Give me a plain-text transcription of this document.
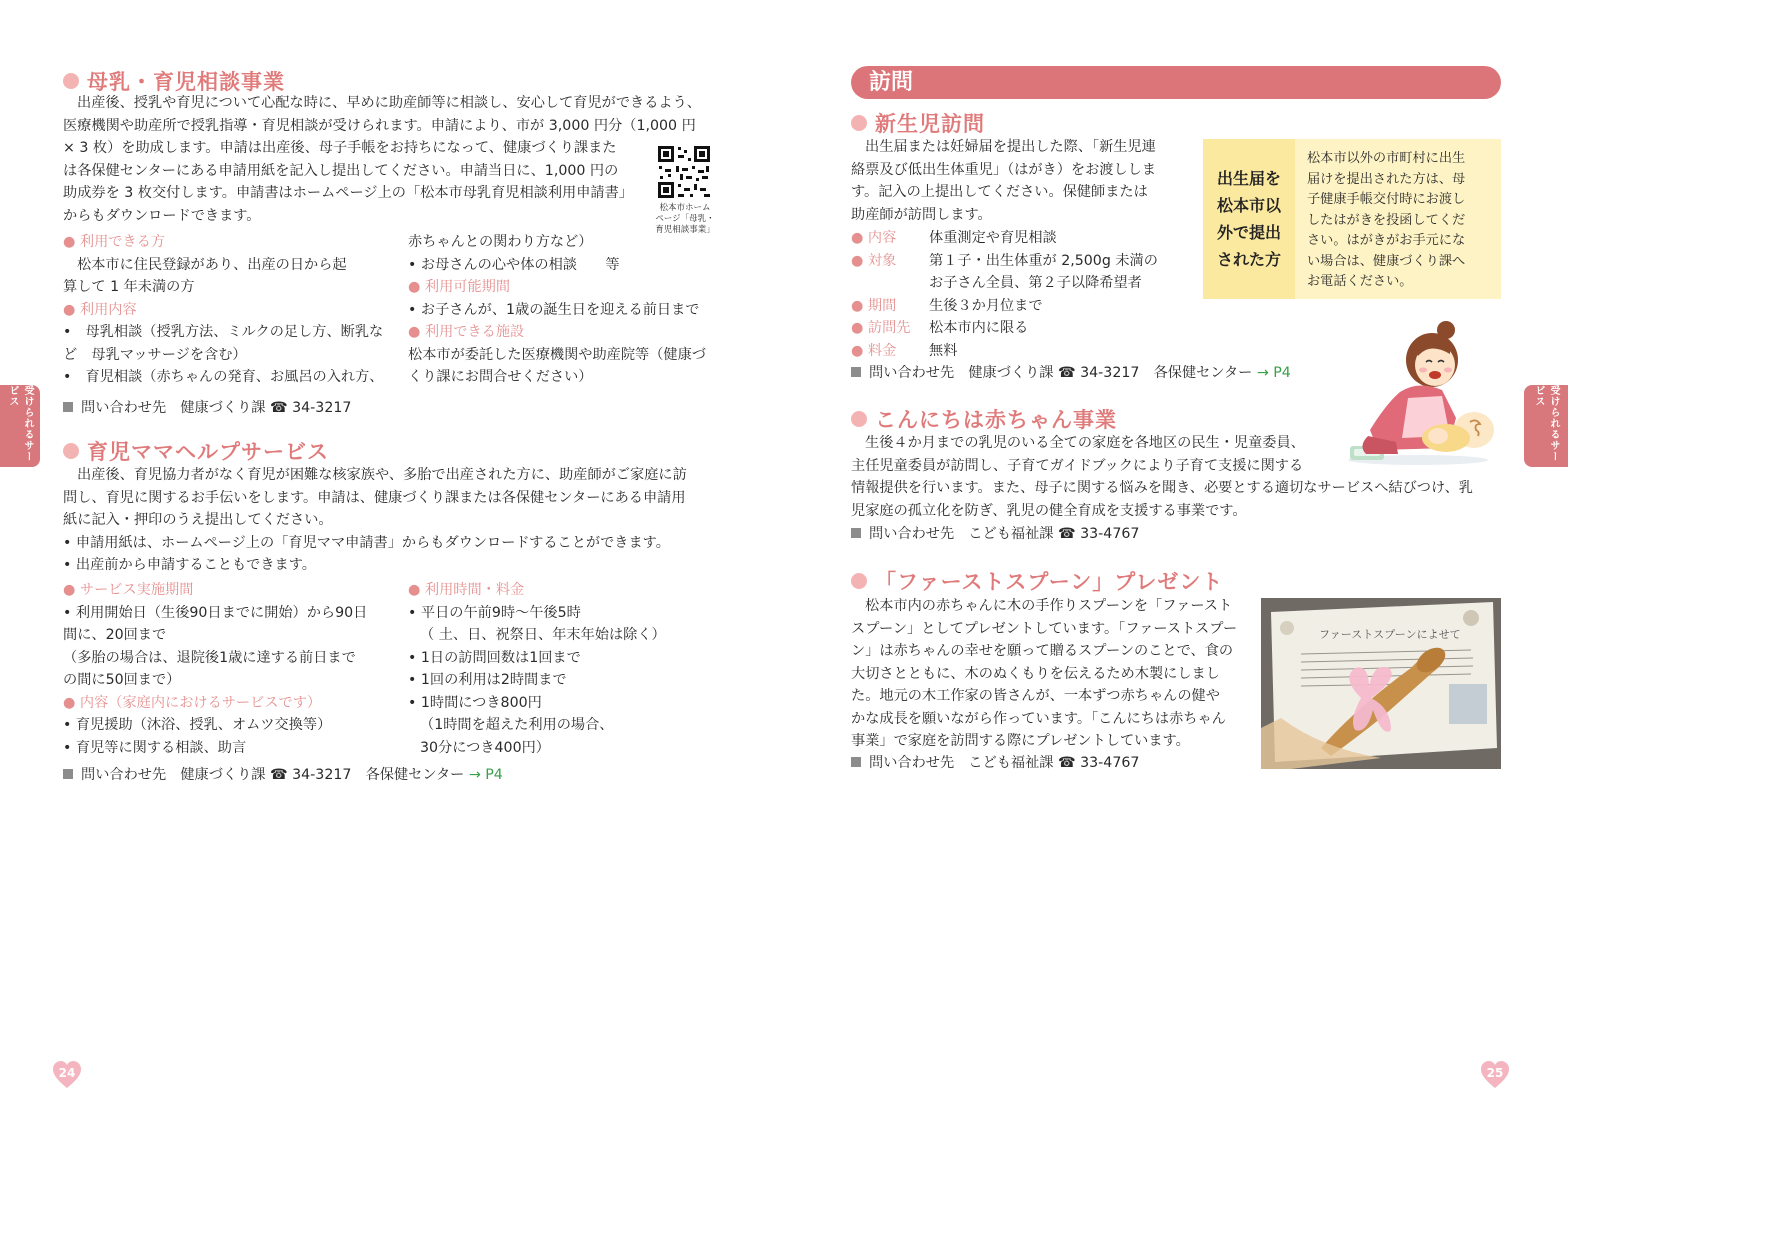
受けられるサービス	受けられるサービス
母乳・育児相談事業
出産後、授乳や育児について心配な時に、早めに助産師等に相談し、安心して育児ができるよう、
医療機関や助産所で授乳指導・育児相談が受けられます。申請により、市が 3,000 円分（1,000 円
× 3 枚）を助成します。申請は出産後、母子手帳をお持ちになって、健康づくり課また
は各保健センターにある申請用紙を記入し提出してください。申請当日に、1,000 円の
助成券を 3 枚交付します。申請書はホームページ上の「松本市母乳育児相談利用申請書」
からもダウンロードできます。	松本市ホーム
ページ「母乳・
育児相談事業」
● 利用できる方
松本市に住民登録があり、出産の日から起
算して 1 年未満の方
● 利用内容
•　母乳相談（授乳方法、ミルクの足し方、断乳な
ど　母乳マッサージを含む）
•　育児相談（赤ちゃんの発育、お風呂の入れ方、
赤ちゃんとの関わり方など）
• お母さんの心や体の相談　　等
● 利用可能期間
• お子さんが、1歳の誕生日を迎える前日まで
● 利用できる施設
松本市が委託した医療機関や助産院等（健康づ
くり課にお問合せください）
問い合わせ先　健康づくり課 ☎ 34-3217
育児ママヘルプサービス
出産後、育児協力者がなく育児が困難な核家族や、多胎で出産された方に、助産師がご家庭に訪
問し、育児に関するお手伝いをします。申請は、健康づくり課または各保健センターにある申請用
紙に記入・押印のうえ提出してください。
• 申請用紙は、ホームページ上の「育児ママ申請書」からもダウンロードすることができます。
• 出産前から申請することもできます。
● サービス実施期間
• 利用開始日（生後90日までに開始）から90日
間に、20回まで
（多胎の場合は、退院後1歳に達する前日まで
の間に50回まで）
● 内容（家庭内におけるサービスです）
• 育児援助（沐浴、授乳、オムツ交換等）
• 育児等に関する相談、助言
● 利用時間・料金
• 平日の午前9時～午後5時
（ 土、日、祝祭日、年末年始は除く）
• 1日の訪問回数は1回まで
• 1回の利用は2時間まで
• 1時間につき800円
（1時間を超えた利用の場合、
30分につき400円）
問い合わせ先　健康づくり課 ☎ 34-3217　各保健センター → P4
24
訪問
新生児訪問
出生届または妊婦届を提出した際、「新生児連
絡票及び低出生体重児」（はがき）をお渡ししま
す。記入の上提出してください。保健師または
助産師が訪問します。
● 内容	体重測定や育児相談
● 対象	第１子・出生体重が 2,500g 未満の
お子さん全員、第２子以降希望者
● 期間	生後３か月位まで
● 訪問先	松本市内に限る
● 料金	無料
問い合わせ先　健康づくり課 ☎ 34-3217　各保健センター → P4
出生届を
松本市以
外で提出
された方
松本市以外の市町村に出生
届けを提出された方は、母
子健康手帳交付時にお渡し
したはがきを投函してくだ
さい。はがきがお手元にな
い場合は、健康づくり課へ
お電話ください。
こんにちは赤ちゃん事業
生後４か月までの乳児のいる全ての家庭を各地区の民生・児童委員、
主任児童委員が訪問し、子育てガイドブックにより子育て支援に関する
情報提供を行います。また、母子に関する悩みを聞き、必要とする適切なサービスへ結びつけ、乳
児家庭の孤立化を防ぎ、乳児の健全育成を支援する事業です。
問い合わせ先　こども福祉課 ☎ 33-4767
「ファーストスプーン」プレゼント
松本市内の赤ちゃんに木の手作りスプーンを「ファースト
スプーン」としてプレゼントしています。「ファーストスプー
ン」は赤ちゃんの幸せを願って贈るスプーンのことで、食の
大切さとともに、木のぬくもりを伝えるため木製にしまし
た。地元の木工作家の皆さんが、一本ずつ赤ちゃんの健や
かな成長を願いながら作っています。「こんにちは赤ちゃん
事業」で家庭を訪問する際にプレゼントしています。
問い合わせ先　こども福祉課 ☎ 33-4767
ファーストスプーンによせて
25
